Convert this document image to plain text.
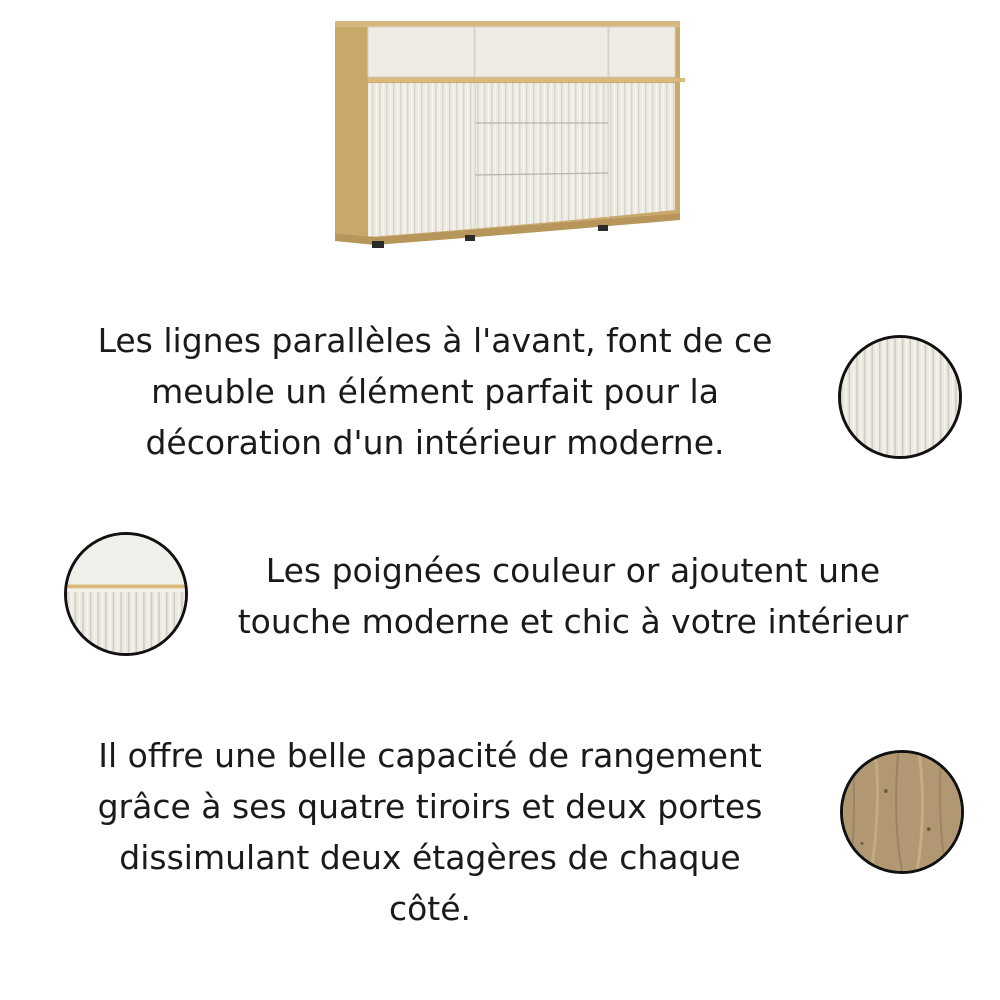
Les lignes parallèles à l'avant, font de ce
meuble un élément parfait pour la
décoration d'un intérieur moderne.
Les poignées couleur or ajoutent une
touche moderne et chic à votre intérieur
Il offre une belle capacité de rangement
grâce à ses quatre tiroirs et deux portes
dissimulant deux étagères de chaque
côté.
